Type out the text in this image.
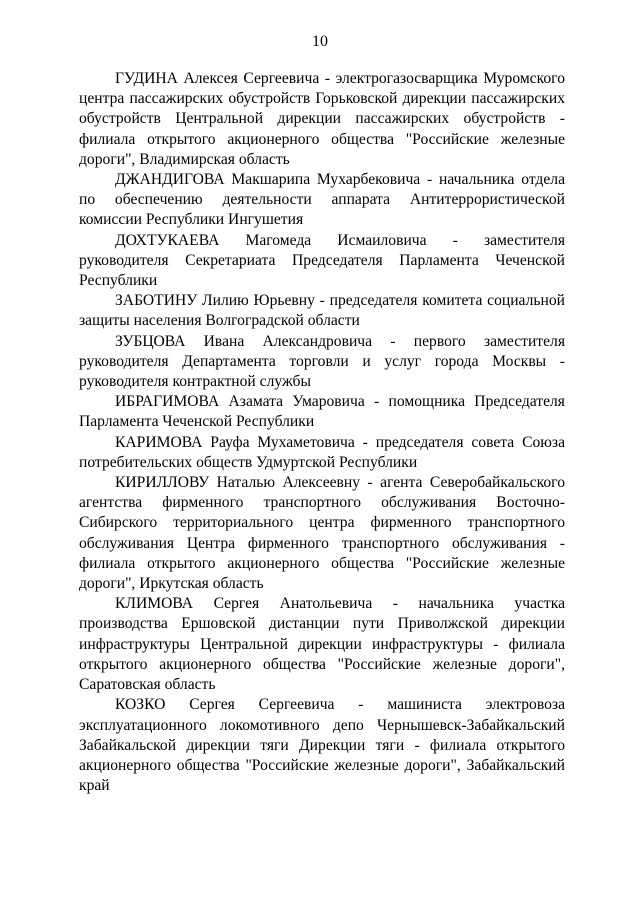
10

ГУДИНА Алексея Сергеевича - электрогазосварщика Муромского центра пассажирских обустройств Горьковской дирекции пассажирских обустройств Центральной дирекции пассажирских обустройств - филиала открытого акционерного общества "Российские железные дороги", Владимирская область

ДЖАНДИГОВА Макшарипа Мухарбековича - начальника отдела по обеспечению деятельности аппарата Антитеррористической комиссии Республики Ингушетия

ДОХТУКАЕВА Магомеда Исмаиловича - заместителя руководителя Секретариата Председателя Парламента Чеченской Республики

ЗАБОТИНУ Лилию Юрьевну - председателя комитета социальной защиты населения Волгоградской области

ЗУБЦОВА Ивана Александровича - первого заместителя руководителя Департамента торговли и услуг города Москвы - руководителя контрактной службы

ИБРАГИМОВА Азамата Умаровича - помощника Председателя Парламента Чеченской Республики

КАРИМОВА Рауфа Мухаметовича - председателя совета Союза потребительских обществ Удмуртской Республики

КИРИЛЛОВУ Наталью Алексеевну - агента Северобайкальского агентства фирменного транспортного обслуживания Восточно-Сибирского территориального центра фирменного транспортного обслуживания Центра фирменного транспортного обслуживания - филиала открытого акционерного общества "Российские железные дороги", Иркутская область

КЛИМОВА Сергея Анатольевича - начальника участка производства Ершовской дистанции пути Приволжской дирекции инфраструктуры Центральной дирекции инфраструктуры - филиала открытого акционерного общества "Российские железные дороги", Саратовская область

КОЗКО Сергея Сергеевича - машиниста электровоза эксплуатационного локомотивного депо Чернышевск-Забайкальский Забайкальской дирекции тяги Дирекции тяги - филиала открытого акционерного общества "Российские железные дороги", Забайкальский край
